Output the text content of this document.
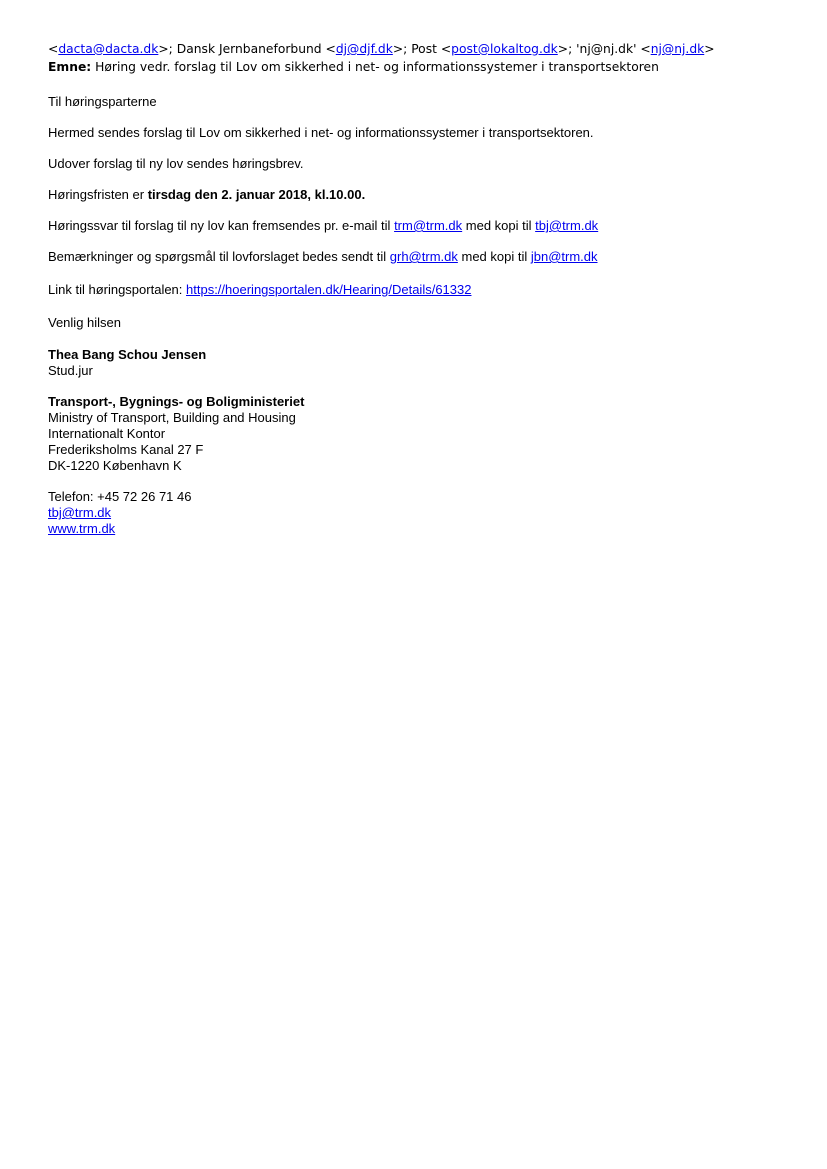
<dacta@dacta.dk>; Dansk Jernbaneforbund <dj@djf.dk>; Post <post@lokaltog.dk>; 'nj@nj.dk' <nj@nj.dk>
Emne: Høring vedr. forslag til Lov om sikkerhed i net- og informationssystemer i transportsektoren

Til høringsparterne

Hermed sendes forslag til Lov om sikkerhed i net- og informationssystemer i transportsektoren.

Udover forslag til ny lov sendes høringsbrev.

Høringsfristen er tirsdag den 2. januar 2018, kl.10.00.

Høringssvar til forslag til ny lov kan fremsendes pr. e-mail til trm@trm.dk med kopi til tbj@trm.dk

Bemærkninger og spørgsmål til lovforslaget bedes sendt til grh@trm.dk med kopi til jbn@trm.dk

Link til høringsportalen: https://hoeringsportalen.dk/Hearing/Details/61332

Venlig hilsen

Thea Bang Schou Jensen
Stud.jur
Transport-, Bygnings- og Boligministeriet
Ministry of Transport, Building and Housing
Internationalt Kontor
Frederiksholms Kanal 27 F
DK-1220 København K
Telefon: +45 72 26 71 46
tbj@trm.dk
www.trm.dk
